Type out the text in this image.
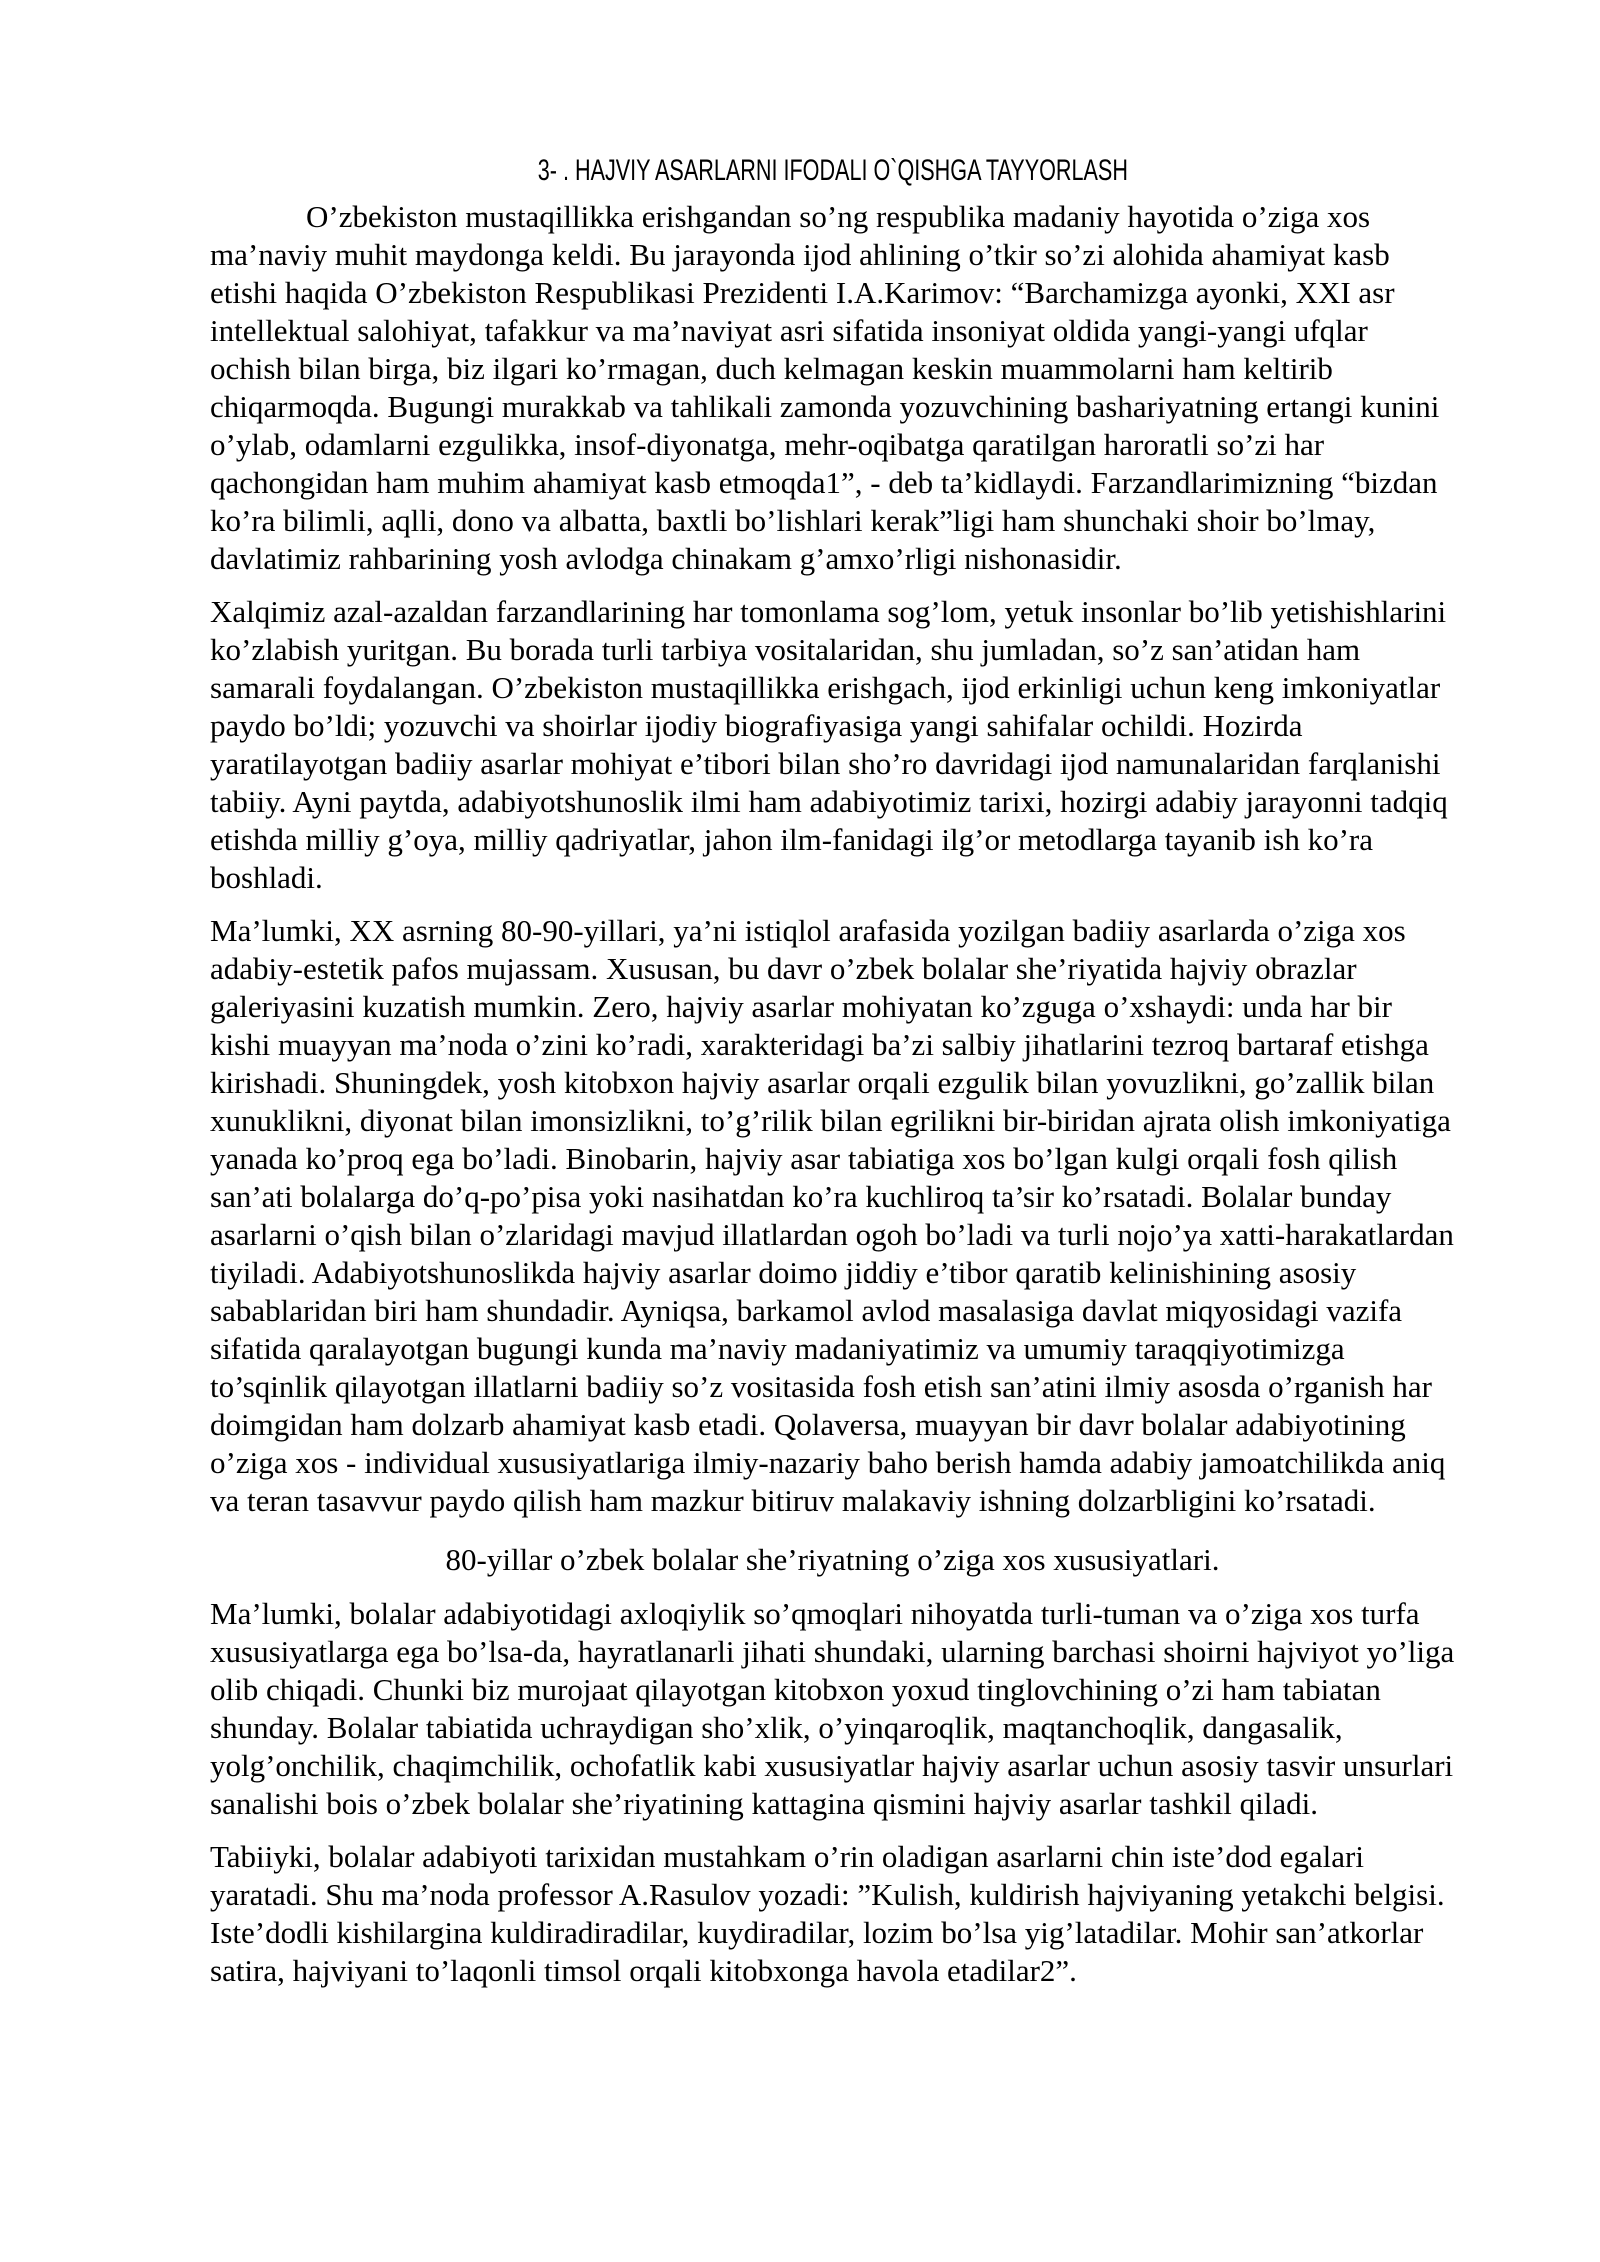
3- . HAJVIY ASARLARNI IFODALI O`QISHGA TAYYORLASH

O’zbekiston mustaqillikka erishgandan so’ng respublika madaniy hayotida o’ziga xos ma’naviy muhit maydonga keldi. Bu jarayonda ijod ahlining o’tkir so’zi alohida ahamiyat kasb etishi haqida O’zbekiston Respublikasi Prezidenti I.A.Karimov: “Barchamizga ayonki, XXI asr intellektual salohiyat, tafakkur va ma’naviyat asri sifatida insoniyat oldida yangi-yangi ufqlar ochish bilan birga, biz ilgari ko’rmagan, duch kelmagan keskin muammolarni ham keltirib chiqarmoqda. Bugungi murakkab va tahlikali zamonda yozuvchining bashariyatning ertangi kunini o’ylab, odamlarni ezgulikka, insof-diyonatga, mehr-oqibatga qaratilgan haroratli so’zi har qachongidan ham muhim ahamiyat kasb etmoqda1”, - deb ta’kidlaydi. Farzandlarimizning “bizdan ko’ra bilimli, aqlli, dono va albatta, baxtli bo’lishlari kerak”ligi ham shunchaki shoir bo’lmay, davlatimiz rahbarining yosh avlodga chinakam g’amxo’rligi nishonasidir.

Xalqimiz azal-azaldan farzandlarining har tomonlama sog’lom, yetuk insonlar bo’lib yetishishlarini ko’zlabish yuritgan. Bu borada turli tarbiya vositalaridan, shu jumladan, so’z san’atidan ham samarali foydalangan. O’zbekiston mustaqillikka erishgach, ijod erkinligi uchun keng imkoniyatlar paydo bo’ldi; yozuvchi va shoirlar ijodiy biografiyasiga yangi sahifalar ochildi. Hozirda yaratilayotgan badiiy asarlar mohiyat e’tibori bilan sho’ro davridagi ijod namunalaridan farqlanishi tabiiy. Ayni paytda, adabiyotshunoslik ilmi ham adabiyotimiz tarixi, hozirgi adabiy jarayonni tadqiq etishda milliy g’oya, milliy qadriyatlar, jahon ilm-fanidagi ilg’or metodlarga tayanib ish ko’ra boshladi.

Ma’lumki, XX asrning 80-90-yillari, ya’ni istiqlol arafasida yozilgan badiiy asarlarda o’ziga xos adabiy-estetik pafos mujassam. Xususan, bu davr o’zbek bolalar she’riyatida hajviy obrazlar galeriyasini kuzatish mumkin. Zero, hajviy asarlar mohiyatan ko’zguga o’xshaydi: unda har bir kishi muayyan ma’noda o’zini ko’radi, xarakteridagi ba’zi salbiy jihatlarini tezroq bartaraf etishga kirishadi. Shuningdek, yosh kitobxon hajviy asarlar orqali ezgulik bilan yovuzlikni, go’zallik bilan xunuklikni, diyonat bilan imonsizlikni, to’g’rilik bilan egrilikni bir-biridan ajrata olish imkoniyatiga yanada ko’proq ega bo’ladi. Binobarin, hajviy asar tabiatiga xos bo’lgan kulgi orqali fosh qilish san’ati bolalarga do’q-po’pisa yoki nasihatdan ko’ra kuchliroq ta’sir ko’rsatadi. Bolalar bunday asarlarni o’qish bilan o’zlaridagi mavjud illatlardan ogoh bo’ladi va turli nojo’ya xatti-harakatlardan tiyiladi. Adabiyotshunoslikda hajviy asarlar doimo jiddiy e’tibor qaratib kelinishining asosiy sabablaridan biri ham shundadir. Ayniqsa, barkamol avlod masalasiga davlat miqyosidagi vazifa sifatida qaralayotgan bugungi kunda ma’naviy madaniyatimiz va umumiy taraqqiyotimizga to’sqinlik qilayotgan illatlarni badiiy so’z vositasida fosh etish san’atini ilmiy asosda o’rganish har doimgidan ham dolzarb ahamiyat kasb etadi. Qolaversa, muayyan bir davr bolalar adabiyotining o’ziga xos - individual xususiyatlariga ilmiy-nazariy baho berish hamda adabiy jamoatchilikda aniq va teran tasavvur paydo qilish ham mazkur bitiruv malakaviy ishning dolzarbligini ko’rsatadi.

80-yillar o’zbek bolalar she’riyatning o’ziga xos xususiyatlari.

Ma’lumki, bolalar adabiyotidagi axloqiylik so’qmoqlari nihoyatda turli-tuman va o’ziga xos turfa xususiyatlarga ega bo’lsa-da, hayratlanarli jihati shundaki, ularning barchasi shoirni hajviyot yo’liga olib chiqadi. Chunki biz murojaat qilayotgan kitobxon yoxud tinglovchining o’zi ham tabiatan shunday. Bolalar tabiatida uchraydigan sho’xlik, o’yinqaroqlik, maqtanchoqlik, dangasalik, yolg’onchilik, chaqimchilik, ochofatlik kabi xususiyatlar hajviy asarlar uchun asosiy tasvir unsurlari sanalishi bois o’zbek bolalar she’riyatining kattagina qismini hajviy asarlar tashkil qiladi.

Tabiiyki, bolalar adabiyoti tarixidan mustahkam o’rin oladigan asarlarni chin iste’dod egalari yaratadi. Shu ma’noda professor A.Rasulov yozadi: ”Kulish, kuldirish hajviyaning yetakchi belgisi. Iste’dodli kishilargina kuldiradiradilar, kuydiradilar, lozim bo’lsa yig’latadilar. Mohir san’atkorlar satira, hajviyani to’laqonli timsol orqali kitobxonga havola etadilar2”.
